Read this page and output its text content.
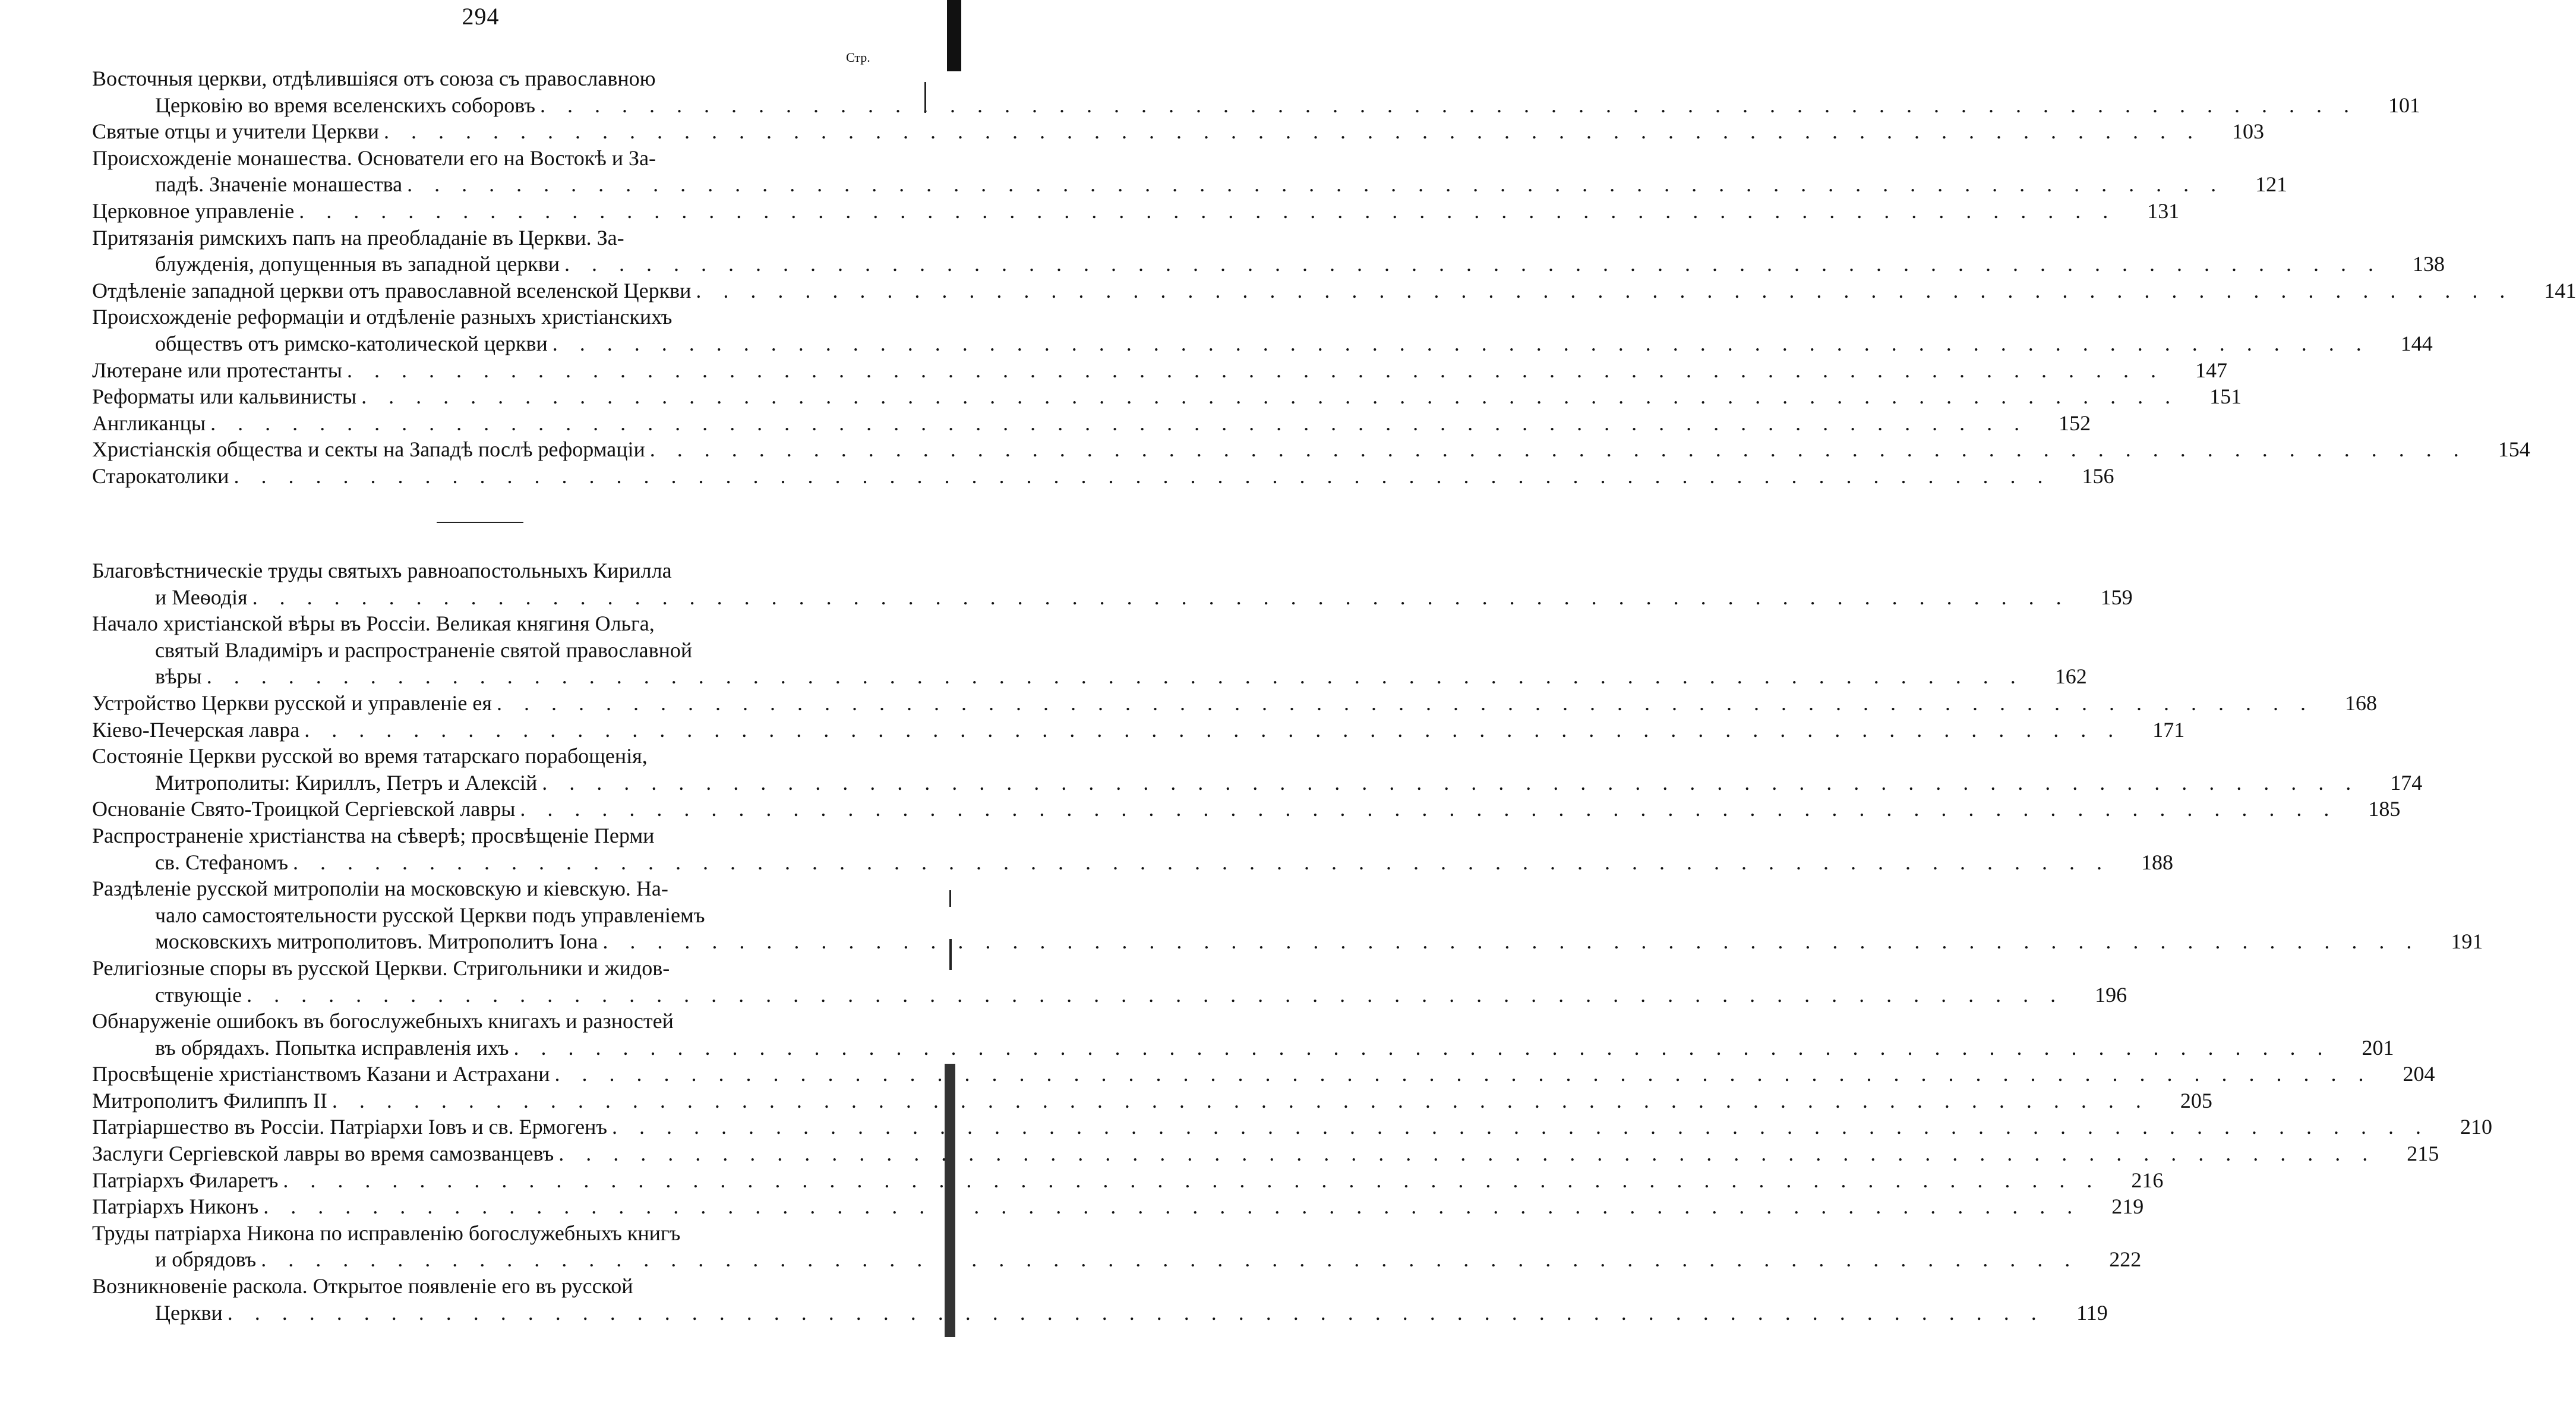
294
Стр.
Восточныя церкви, отдѣлившіяся отъ союза съ православною
Церковію во время вселенскихъ соборовъ . . .	101
Святые отцы и учители Церкви . . .	103
Происхожденіе монашества. Основатели его на Востокѣ и За-
падѣ. Значеніе монашества . . .	121
Церковное управленіе . . .	131
Притязанія римскихъ папъ на преобладаніе въ Церкви. За-
блужденія, допущенныя въ западной церкви . . .	138
Отдѣленіе западной церкви отъ православной вселенской Церкви . . .	141
Происхожденіе реформаціи и отдѣленіе разныхъ христіанскихъ
обществъ отъ римско-католической церкви . . .	144
Лютеране или протестанты . . .	147
Реформаты или кальвинисты . . .	151
Англиканцы . . .	152
Христіанскія общества и секты на Западѣ послѣ реформаціи . . .	154
Старокатолики . . .	156
Благовѣстническіе труды святыхъ равноапостольныхъ Кирилла
и Меѳодія . . .	159
Начало христіанской вѣры въ Россіи. Великая княгиня Ольга,
святый Владиміръ и распространеніе святой православной
вѣры . . .	162
Устройство Церкви русской и управленіе ея . . .	168
Кіево-Печерская лавра . . .	171
Состояніе Церкви русской во время татарскаго порабощенія,
Митрополиты: Кириллъ, Петръ и Алексій . . .	174
Основаніе Свято-Троицкой Сергіевской лавры . . .	185
Распространеніе христіанства на сѣверѣ; просвѣщеніе Перми
св. Стефаномъ . . .	188
Раздѣленіе русской митрополіи на московскую и кіевскую. На-
чало самостоятельности русской Церкви подъ управленіемъ
московскихъ митрополитовъ. Митрополитъ Іона . . .	191
Религіозные споры въ русской Церкви. Стригольники и жидов-
ствующіе . . .	196
Обнаруженіе ошибокъ въ богослужебныхъ книгахъ и разностей
въ обрядахъ. Попытка исправленія ихъ . . .	201
Просвѣщеніе христіанствомъ Казани и Астрахани . . .	204
Митрополитъ Филиппъ II . . .	205
Патріаршество въ Россіи. Патріархи Іовъ и св. Ермогенъ . . .	210
Заслуги Сергіевской лавры во время самозванцевъ . . .	215
Патріархъ Филаретъ . . .	216
Патріархъ Никонъ . . .	219
Труды патріарха Никона по исправленію богослужебныхъ книгъ
и обрядовъ . . .	222
Возникновеніе раскола. Открытое появленіе его въ русской
Церкви . . .	119
